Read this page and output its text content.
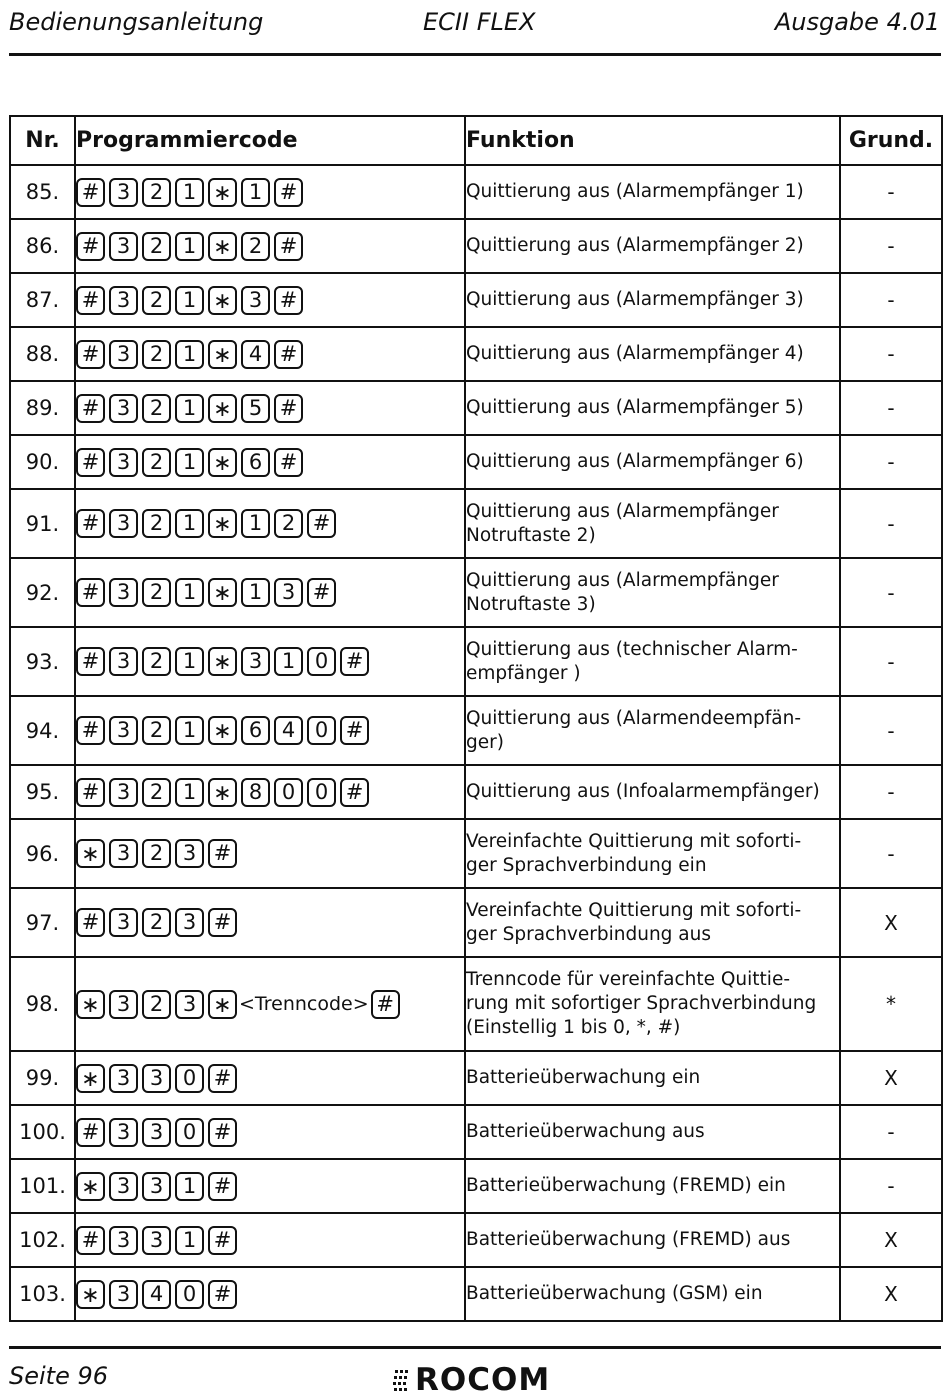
Bedienungsanleitung	ECII FLEX	Ausgabe 4.01
Nr.	Programmiercode	Funktion	Grund.
85.	# 3 2 1 ∗ 1 #	Quittierung aus (Alarmempfänger 1)	-
86.	# 3 2 1 ∗ 2 #	Quittierung aus (Alarmempfänger 2)	-
87.	# 3 2 1 ∗ 3 #	Quittierung aus (Alarmempfänger 3)	-
88.	# 3 2 1 ∗ 4 #	Quittierung aus (Alarmempfänger 4)	-
89.	# 3 2 1 ∗ 5 #	Quittierung aus (Alarmempfänger 5)	-
90.	# 3 2 1 ∗ 6 #	Quittierung aus (Alarmempfänger 6)	-
91.	# 3 2 1 ∗ 1 2 #	Quittierung aus (Alarmempfänger
Notruftaste 2)	-
92.	# 3 2 1 ∗ 1 3 #	Quittierung aus (Alarmempfänger
Notruftaste 3)	-
93.	# 3 2 1 ∗ 3 1 0 #	Quittierung aus (technischer Alarm-
empfänger )	-
94.	# 3 2 1 ∗ 6 4 0 #	Quittierung aus (Alarmendeempfän-
ger)	-
95.	# 3 2 1 ∗ 8 0 0 #	Quittierung aus (Infoalarmempfänger)	-
96.	∗ 3 2 3 #	Vereinfachte Quittierung mit soforti-
ger Sprachverbindung ein	-
97.	# 3 2 3 #	Vereinfachte Quittierung mit soforti-
ger Sprachverbindung aus	X
98.	∗ 3 2 3 ∗ <Trenncode> #	Trenncode für vereinfachte Quittie-
rung mit sofortiger Sprachverbindung
(Einstellig 1 bis 0, *, #)	*
99.	∗ 3 3 0 #	Batterieüberwachung ein	X
100.	# 3 3 0 #	Batterieüberwachung aus	-
101.	∗ 3 3 1 #	Batterieüberwachung (FREMD) ein	-
102.	# 3 3 1 #	Batterieüberwachung (FREMD) aus	X
103.	∗ 3 4 0 #	Batterieüberwachung (GSM) ein	X
Seite 96	ROCOM
